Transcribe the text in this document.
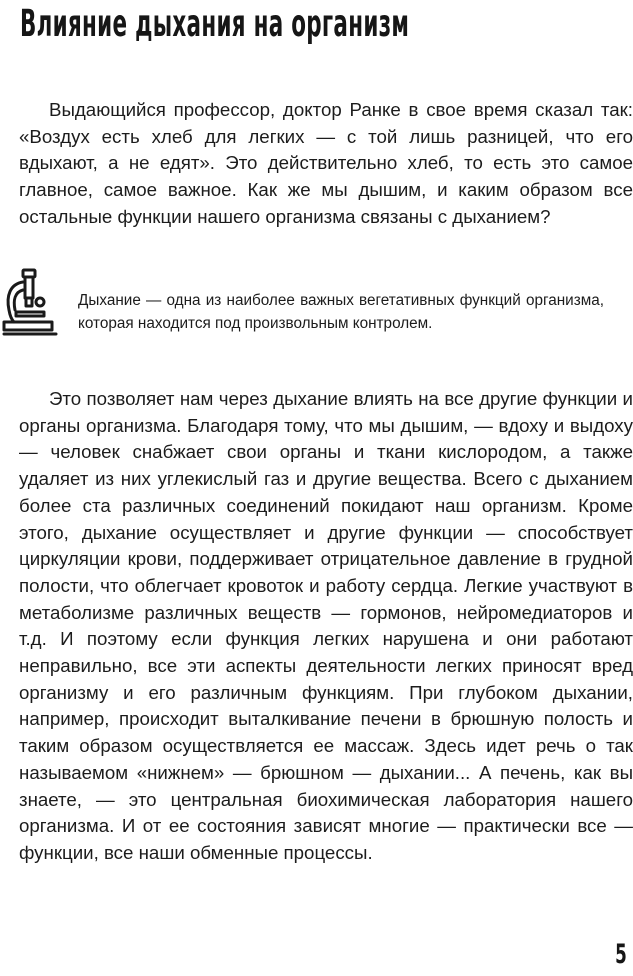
Влияние дыхания на организм

Выдающийся профессор, доктор Ранке в свое время сказал так: «Воздух есть хлеб для легких — с той лишь разницей, что его вдыхают, а не едят». Это действительно хлеб, то есть это самое главное, самое важное. Как же мы дышим, и каким образом все остальные функции нашего организма связаны с дыханием?

Дыхание — одна из наиболее важных вегетативных функций организма, которая находится под произвольным контролем.

Это позволяет нам через дыхание влиять на все другие функции и органы организма. Благодаря тому, что мы дышим, — вдоху и выдоху — человек снабжает свои органы и ткани кислородом, а также удаляет из них углекислый газ и другие вещества. Всего с дыханием более ста различных соединений покидают наш организм. Кроме этого, дыхание осуществляет и другие функции — способствует циркуляции крови, поддерживает отрицательное давление в грудной полости, что облегчает кровоток и работу сердца. Легкие участвуют в метаболизме различных веществ — гормонов, нейромедиаторов и т.д. И поэтому если функция легких нарушена и они работают неправильно, все эти аспекты деятельности легких приносят вред организму и его различным функциям. При глубоком дыхании, например, происходит выталкивание печени в брюшную полость и таким образом осуществляется ее массаж. Здесь идет речь о так называемом «нижнем» — брюшном — дыхании... А печень, как вы знаете, — это центральная биохимическая лаборатория нашего организма. И от ее состояния зависят многие — практически все — функции, все наши обменные процессы.

5
